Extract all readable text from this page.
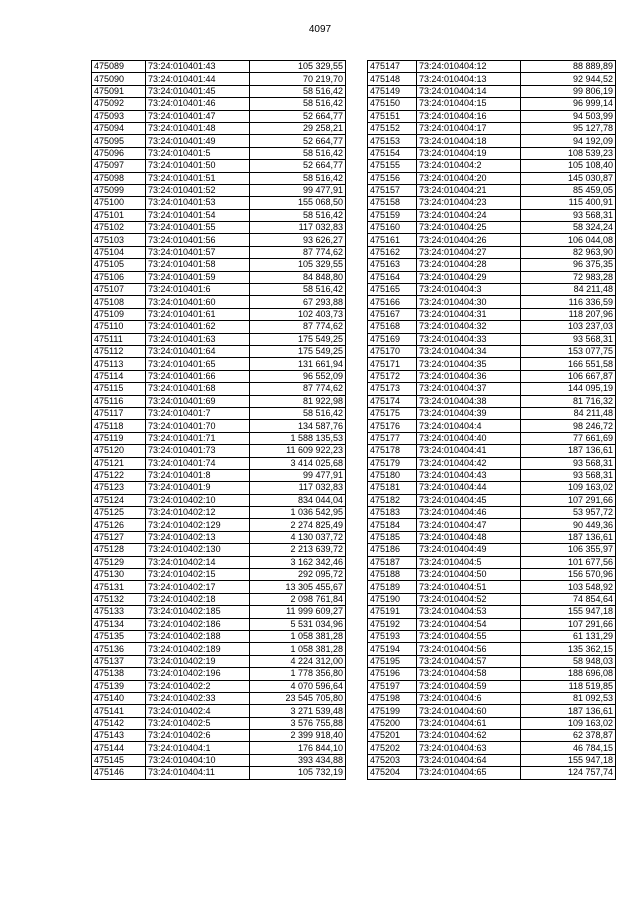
4097
475089	73:24:010401:43	105 329,55
475090	73:24:010401:44	70 219,70
475091	73:24:010401:45	58 516,42
475092	73:24:010401:46	58 516,42
475093	73:24:010401:47	52 664,77
475094	73:24:010401:48	29 258,21
475095	73:24:010401:49	52 664,77
475096	73:24:010401:5	58 516,42
475097	73:24:010401:50	52 664,77
475098	73:24:010401:51	58 516,42
475099	73:24:010401:52	99 477,91
475100	73:24:010401:53	155 068,50
475101	73:24:010401:54	58 516,42
475102	73:24:010401:55	117 032,83
475103	73:24:010401:56	93 626,27
475104	73:24:010401:57	87 774,62
475105	73:24:010401:58	105 329,55
475106	73:24:010401:59	84 848,80
475107	73:24:010401:6	58 516,42
475108	73:24:010401:60	67 293,88
475109	73:24:010401:61	102 403,73
475110	73:24:010401:62	87 774,62
475111	73:24:010401:63	175 549,25
475112	73:24:010401:64	175 549,25
475113	73:24:010401:65	131 661,94
475114	73:24:010401:66	96 552,09
475115	73:24:010401:68	87 774,62
475116	73:24:010401:69	81 922,98
475117	73:24:010401:7	58 516,42
475118	73:24:010401:70	134 587,76
475119	73:24:010401:71	1 588 135,53
475120	73:24:010401:73	11 609 922,23
475121	73:24:010401:74	3 414 025,68
475122	73:24:010401:8	99 477,91
475123	73:24:010401:9	117 032,83
475124	73:24:010402:10	834 044,04
475125	73:24:010402:12	1 036 542,95
475126	73:24:010402:129	2 274 825,49
475127	73:24:010402:13	4 130 037,72
475128	73:24:010402:130	2 213 639,72
475129	73:24:010402:14	3 162 342,46
475130	73:24:010402:15	292 095,72
475131	73:24:010402:17	13 305 455,67
475132	73:24:010402:18	2 098 761,84
475133	73:24:010402:185	11 999 609,27
475134	73:24:010402:186	5 531 034,96
475135	73:24:010402:188	1 058 381,28
475136	73:24:010402:189	1 058 381,28
475137	73:24:010402:19	4 224 312,00
475138	73:24:010402:196	1 778 356,80
475139	73:24:010402:2	4 070 596,64
475140	73:24:010402:33	23 545 705,80
475141	73:24:010402:4	3 271 539,48
475142	73:24:010402:5	3 576 755,88
475143	73:24:010402:6	2 399 918,40
475144	73:24:010404:1	176 844,10
475145	73:24:010404:10	393 434,88
475146	73:24:010404:11	105 732,19
475147	73:24:010404:12	88 889,89
475148	73:24:010404:13	92 944,52
475149	73:24:010404:14	99 806,19
475150	73:24:010404:15	96 999,14
475151	73:24:010404:16	94 503,99
475152	73:24:010404:17	95 127,78
475153	73:24:010404:18	94 192,09
475154	73:24:010404:19	108 539,23
475155	73:24:010404:2	105 108,40
475156	73:24:010404:20	145 030,87
475157	73:24:010404:21	85 459,05
475158	73:24:010404:23	115 400,91
475159	73:24:010404:24	93 568,31
475160	73:24:010404:25	58 324,24
475161	73:24:010404:26	106 044,08
475162	73:24:010404:27	82 963,90
475163	73:24:010404:28	96 375,35
475164	73:24:010404:29	72 983,28
475165	73:24:010404:3	84 211,48
475166	73:24:010404:30	116 336,59
475167	73:24:010404:31	118 207,96
475168	73:24:010404:32	103 237,03
475169	73:24:010404:33	93 568,31
475170	73:24:010404:34	153 077,75
475171	73:24:010404:35	166 551,58
475172	73:24:010404:36	106 667,87
475173	73:24:010404:37	144 095,19
475174	73:24:010404:38	81 716,32
475175	73:24:010404:39	84 211,48
475176	73:24:010404:4	98 246,72
475177	73:24:010404:40	77 661,69
475178	73:24:010404:41	187 136,61
475179	73:24:010404:42	93 568,31
475180	73:24:010404:43	93 568,31
475181	73:24:010404:44	109 163,02
475182	73:24:010404:45	107 291,66
475183	73:24:010404:46	53 957,72
475184	73:24:010404:47	90 449,36
475185	73:24:010404:48	187 136,61
475186	73:24:010404:49	106 355,97
475187	73:24:010404:5	101 677,56
475188	73:24:010404:50	156 570,96
475189	73:24:010404:51	103 548,92
475190	73:24:010404:52	74 854,64
475191	73:24:010404:53	155 947,18
475192	73:24:010404:54	107 291,66
475193	73:24:010404:55	61 131,29
475194	73:24:010404:56	135 362,15
475195	73:24:010404:57	58 948,03
475196	73:24:010404:58	188 696,08
475197	73:24:010404:59	118 519,85
475198	73:24:010404:6	81 092,53
475199	73:24:010404:60	187 136,61
475200	73:24:010404:61	109 163,02
475201	73:24:010404:62	62 378,87
475202	73:24:010404:63	46 784,15
475203	73:24:010404:64	155 947,18
475204	73:24:010404:65	124 757,74
